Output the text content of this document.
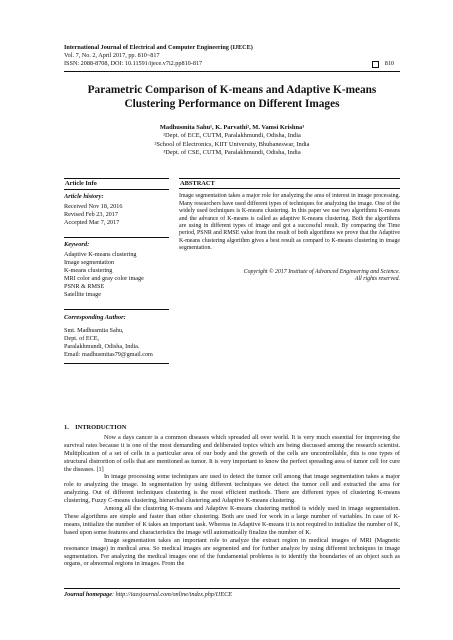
International Journal of Electrical and Computer Engineering (IJECE)
Vol. 7, No. 2, April 2017, pp. 810~817
ISSN: 2088-8708, DOI: 10.11591/ijece.v7i2.pp810-817	810
Parametric Comparison of K-means and Adaptive K-means Clustering Performance on Different Images
Madhusmita Sahu¹, K. Parvathi², M. Vamsi Krishna³
¹Dept. of ECE, CUTM, Paralakhmundi, Odisha, India
²School of Electronics, KIIT University, Bhubaneswar, India
³Dept. of CSE, CUTM, Paralakhmundi, Odisha, India
Article Info
Article history:
Received Nov 18, 2016
Revised Feb 23, 2017
Accepted Mar 7, 2017
Keyword:
Adaptive K-means clustering
Image segmentation
K-means clustering
MRI color and gray color image
PSNR & RMSE
Satellite image
Corresponding Author:
Smt. Madhusmita Sahu,
Dept. of ECE,
Paralakhmundi, Odisha, India.
Email: madhusmitas79@gmail.com
ABSTRACT
Image segmentation takes a major role for analyzing the area of interest in image processing. Many researchers have used different types of techniques for analyzing the image. One of the widely used techniques is K-means clustering. In this paper we use two algorithms K-means and the advance of K-means is called as adaptive K-means clustering. Both the algorithms are using in different types of image and got a successful result. By comparing the Time period, PSNR and RMSE value from the result of both algorithms we prove that the Adaptive K-means clustering algorithm gives a best result as compard to K-means clustering in image segmentation.
Copyright © 2017 Institute of Advanced Engineering and Science.
All rights reserved.
1.    INTRODUCTION

Now a days cancer is a common diseases which spreaded all over world. It is very much essential for improving the survival rates because it is one of the most demanding and deliberated topics which are being discussed among the research scientist. Multiplication of a set of cells in a particular area of our body and the growth of the cells are uncontrollable, this is one types of structural distrortion of cells that are mentioned as tumor. It is very important to know the perfect spreading area of tumor cell for cure the diseases. [1]

In image processing some techniques are used to detect the tumor cell among that image segmentation takes a major role to analyzing the image. In segmentation by using different techniques we detect the tumor cell and extracted the area for analyzing. Out of different techniques clustering is the most efficient methods. There are different types of clustering K-means clustering, Fuzzy C-means clustering, hierarchal clustering and Adaptive K-means clustering.

Among all the clustering K-means and Adaptive K-means clustering method is widely used in image segmentation. These algorithms are simple and faster than other clustering. Both are used for work in a large number of variables. In case of K-means, initialize the number of K takes an important task. Whereas in Adaptive K-means it is not required to initialize the number of K, based upon some features and characteristics the image will automatically finalize the number of K.

Image segmentation takes an important role to analyze the extract region in medical images of MRI (Magnetic resonance image) in medical area. So medical images are segmented and for further analyze by using different techniques in image segmentation. For analyzing the medical images one of the fundamental problems is to identify the boundaries of an object such as organs, or abnormal regions in images. From the

Journal homepage: http://iaesjournal.com/online/index.php/IJECE
